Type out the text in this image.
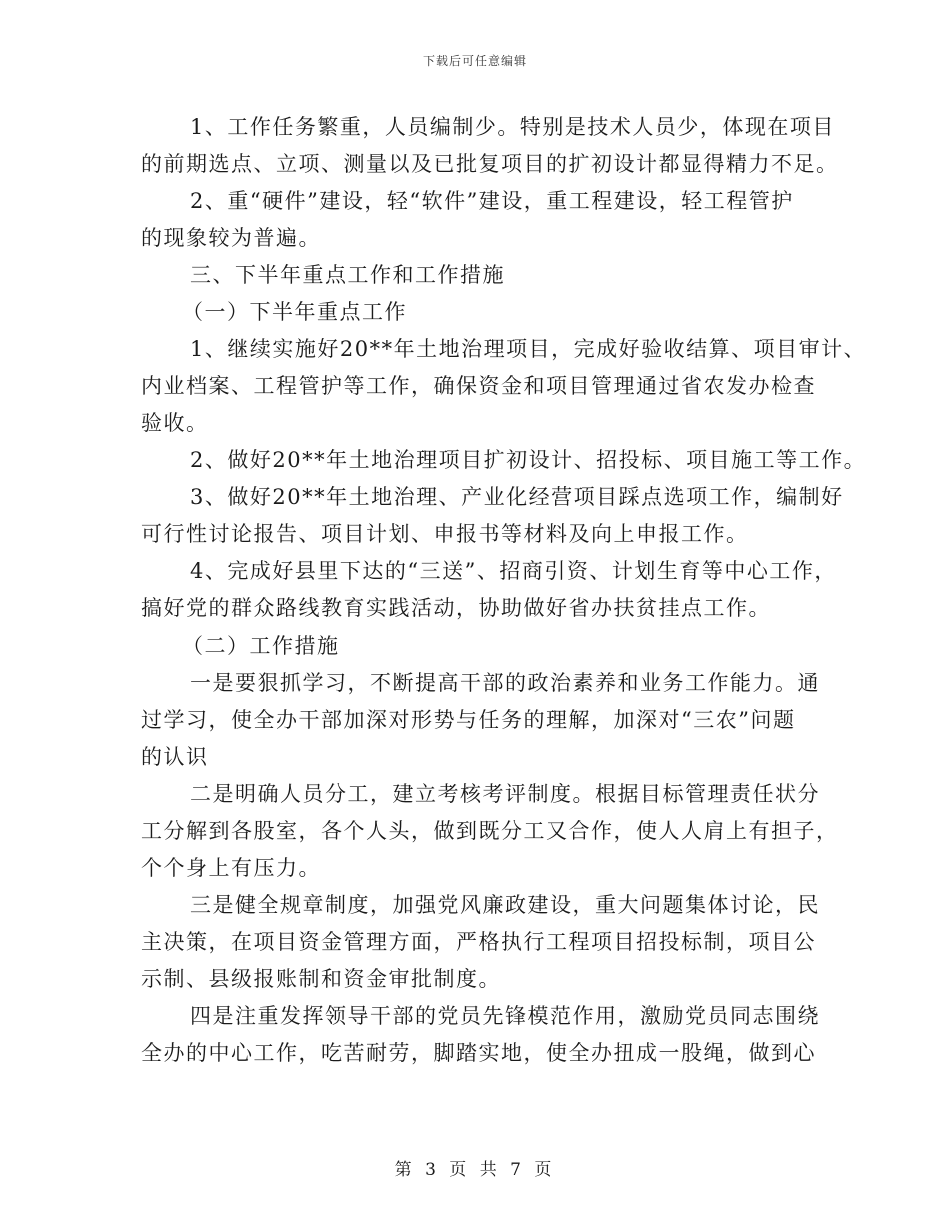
下载后可任意编辑
1、工作任务繁重，人员编制少。特别是技术人员少，体现在项目
的前期选点、立项、测量以及已批复项目的扩初设计都显得精力不足。
2、重“硬件”建设，轻“软件”建设，重工程建设，轻工程管护
的现象较为普遍。
三、下半年重点工作和工作措施
（一）下半年重点工作
1、继续实施好20**年土地治理项目，完成好验收结算、项目审计、
内业档案、工程管护等工作，确保资金和项目管理通过省农发办检查
验收。
2、做好20**年土地治理项目扩初设计、招投标、项目施工等工作。
3、做好20**年土地治理、产业化经营项目踩点选项工作，编制好
可行性讨论报告、项目计划、申报书等材料及向上申报工作。
4、完成好县里下达的“三送”、招商引资、计划生育等中心工作，
搞好党的群众路线教育实践活动，协助做好省办扶贫挂点工作。
（二）工作措施
一是要狠抓学习，不断提高干部的政治素养和业务工作能力。通
过学习，使全办干部加深对形势与任务的理解，加深对“三农”问题
的认识
二是明确人员分工，建立考核考评制度。根据目标管理责任状分
工分解到各股室，各个人头，做到既分工又合作，使人人肩上有担子，
个个身上有压力。
三是健全规章制度，加强党风廉政建设，重大问题集体讨论，民
主决策，在项目资金管理方面，严格执行工程项目招投标制，项目公
示制、县级报账制和资金审批制度。
四是注重发挥领导干部的党员先锋模范作用，激励党员同志围绕
全办的中心工作，吃苦耐劳，脚踏实地，使全办扭成一股绳，做到心
第 3 页 共 7 页
